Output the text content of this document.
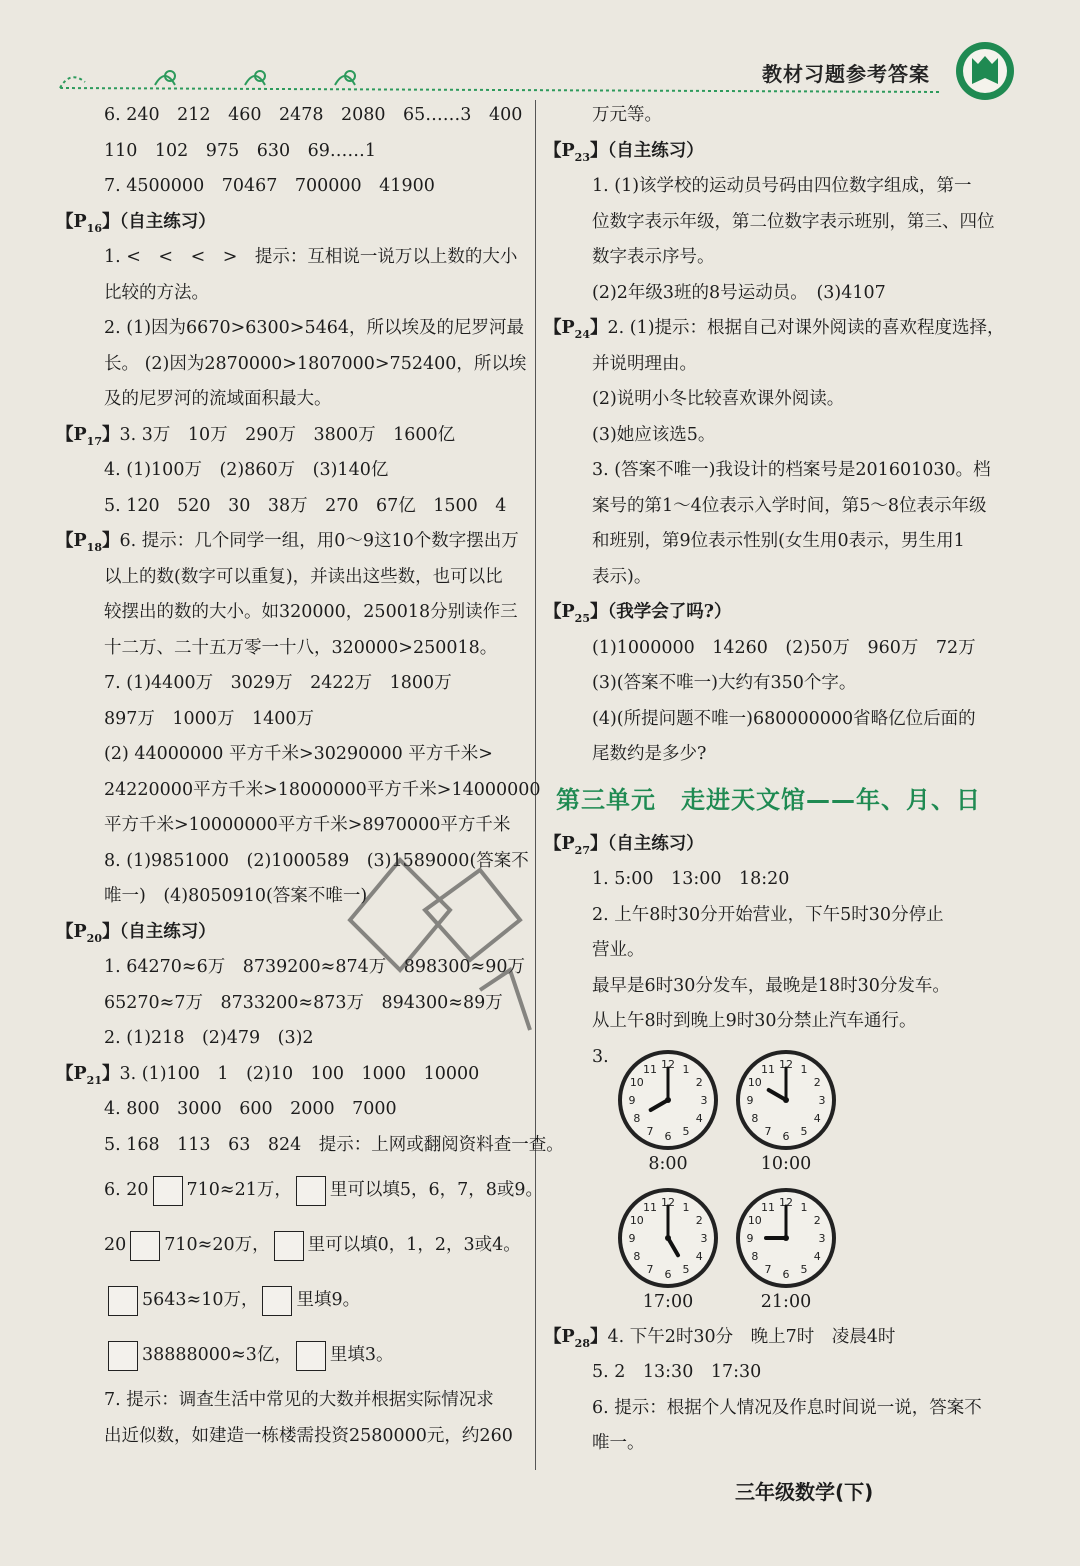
教材习题参考答案
6. 240　212　460　2478　2080　65……3　400
110　102　975　630　69……1
7. 4500000　70467　700000　41900
【$P_{16}$】（自主练习）
1. <　<　<　>　提示：互相说一说万以上数的大小
比较的方法。
2. (1)因为6670>6300>5464，所以埃及的尼罗河最
长。 (2)因为2870000>1807000>752400，所以埃
及的尼罗河的流域面积最大。
【$P_{17}$】3. 3万　10万　290万　3800万　1600亿
4. (1)100万　(2)860万　(3)140亿
5. 120　520　30　38万　270　67亿　1500　4
【$P_{18}$】6. 提示：几个同学一组，用0～9这10个数字摆出万
以上的数(数字可以重复)，并读出这些数，也可以比
较摆出的数的大小。如320000，250018分别读作三
十二万、二十五万零一十八，320000>250018。
7. (1)4400万　3029万　2422万　1800万
897万　1000万　1400万
(2) 44000000 平方千米>30290000 平方千米>
24220000平方千米>18000000平方千米>14000000
平方千米>10000000平方千米>8970000平方千米
8. (1)9851000　(2)1000589　(3)1589000(答案不
唯一)　(4)8050910(答案不唯一)
【$P_{20}$】（自主练习）
1. 64270≈6万　8739200≈874万　898300≈90万
65270≈7万　8733200≈873万　894300≈89万
2. (1)218　(2)479　(3)2
【$P_{21}$】3. (1)100　1　(2)10　100　1000　10000
4. 800　3000　600　2000　7000
5. 168　113　63　824　提示：上网或翻阅资料查一查。
6. 20 710≈21万， 里可以填5，6，7，8或9。
20 710≈20万， 里可以填0，1，2，3或4。
5643≈10万， 里填9。
38888000≈3亿， 里填3。
7. 提示：调查生活中常见的大数并根据实际情况求
出近似数，如建造一栋楼需投资2580000元，约260
万元等。
【$P_{23}$】（自主练习）
1. (1)该学校的运动员号码由四位数字组成，第一
位数字表示年级，第二位数字表示班别，第三、四位
数字表示序号。
(2)2年级3班的8号运动员。　(3)4107
【$P_{24}$】2. (1)提示：根据自己对课外阅读的喜欢程度选择，
并说明理由。
(2)说明小冬比较喜欢课外阅读。
(3)她应该选5。
3. (答案不唯一)我设计的档案号是201601030。档
案号的第1～4位表示入学时间，第5～8位表示年级
和班别，第9位表示性别(女生用0表示，男生用1
表示)。
【$P_{25}$】（我学会了吗?）
(1)1000000　14260　(2)50万　960万　72万
(3)(答案不唯一)大约有350个字。
(4)(所提问题不唯一)680000000省略亿位后面的
尾数约是多少?
第三单元　走进天文馆——年、月、日
【$P_{27}$】（自主练习）
1. 5:00　13:00　18:20
2. 上午8时30分开始营业，下午5时30分停止
营业。
最早是6时30分发车，最晚是18时30分发车。
从上午8时到晚上9时30分禁止汽车通行。
3.
1
2
3
4
5
6
7
8
9
10
11 12
8:00
1
2
3
4
5
6
7
8
9
10
11 12
10:00
1
2
3
4
5
6
7
8
9
10
11 12
17:00
1
2
3
4
5
6
7
8
9
10
11 12
21:00
【$P_{28}$】4. 下午2时30分　晚上7时　凌晨4时
5. 2　13:30　17:30
6. 提示：根据个人情况及作息时间说一说，答案不
唯一。
三年级数学(下)
